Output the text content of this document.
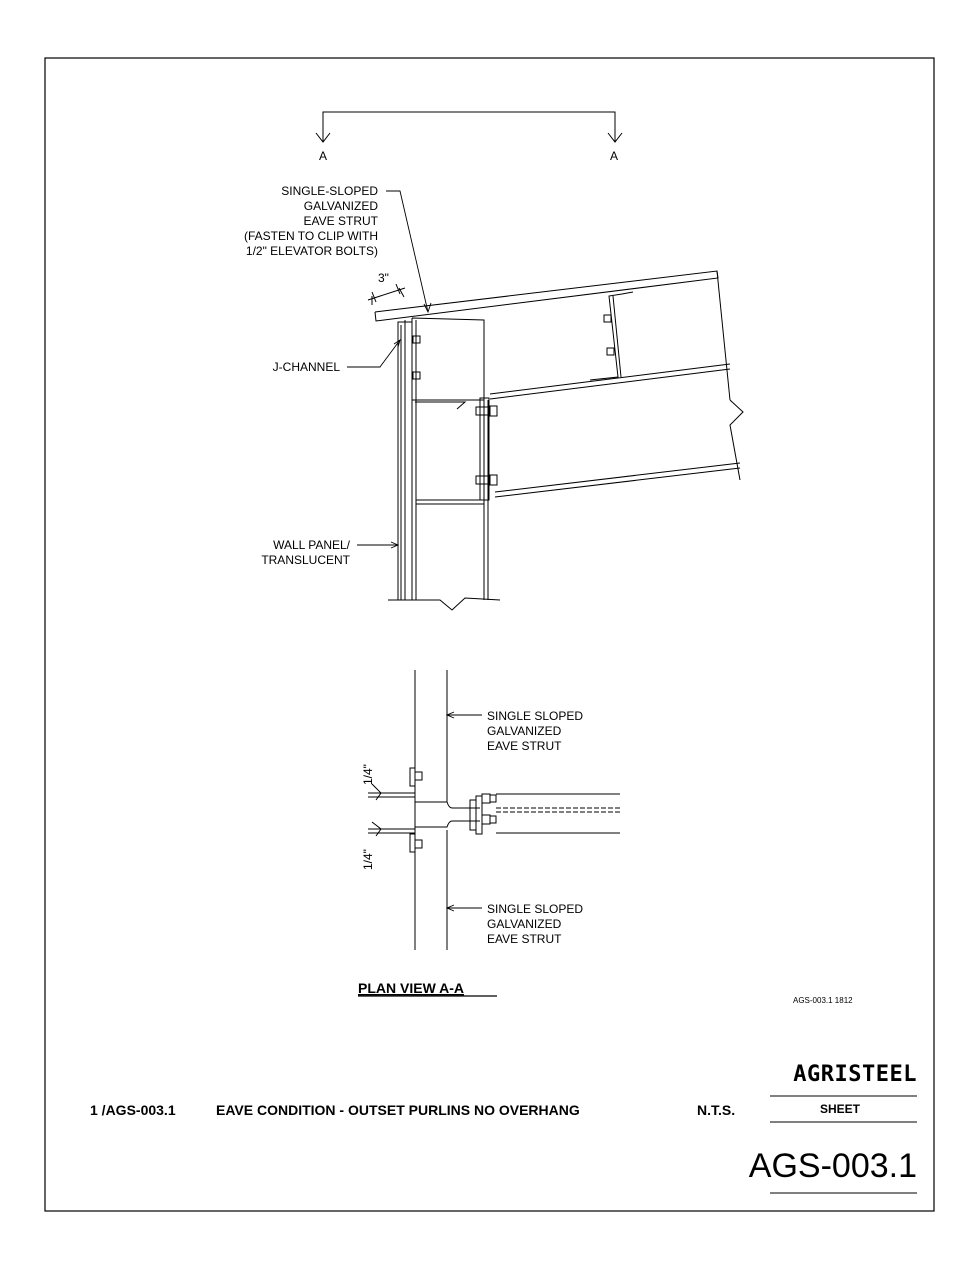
A	A
SINGLE-SLOPED
GALVANIZED
EAVE STRUT
(FASTEN TO CLIP WITH
1/2" ELEVATOR BOLTS)
3"
J-CHANNEL
WALL PANEL/
TRANSLUCENT
SINGLE SLOPED
GALVANIZED
EAVE STRUT
SINGLE SLOPED
GALVANIZED
EAVE STRUT
1/4"
1/4"
PLAN VIEW A-A
AGS-003.1 1812
1 /AGS-003.1	EAVE CONDITION - OUTSET PURLINS NO OVERHANG	N.T.S.
AGRISTEEL
SHEET
AGS-003.1
